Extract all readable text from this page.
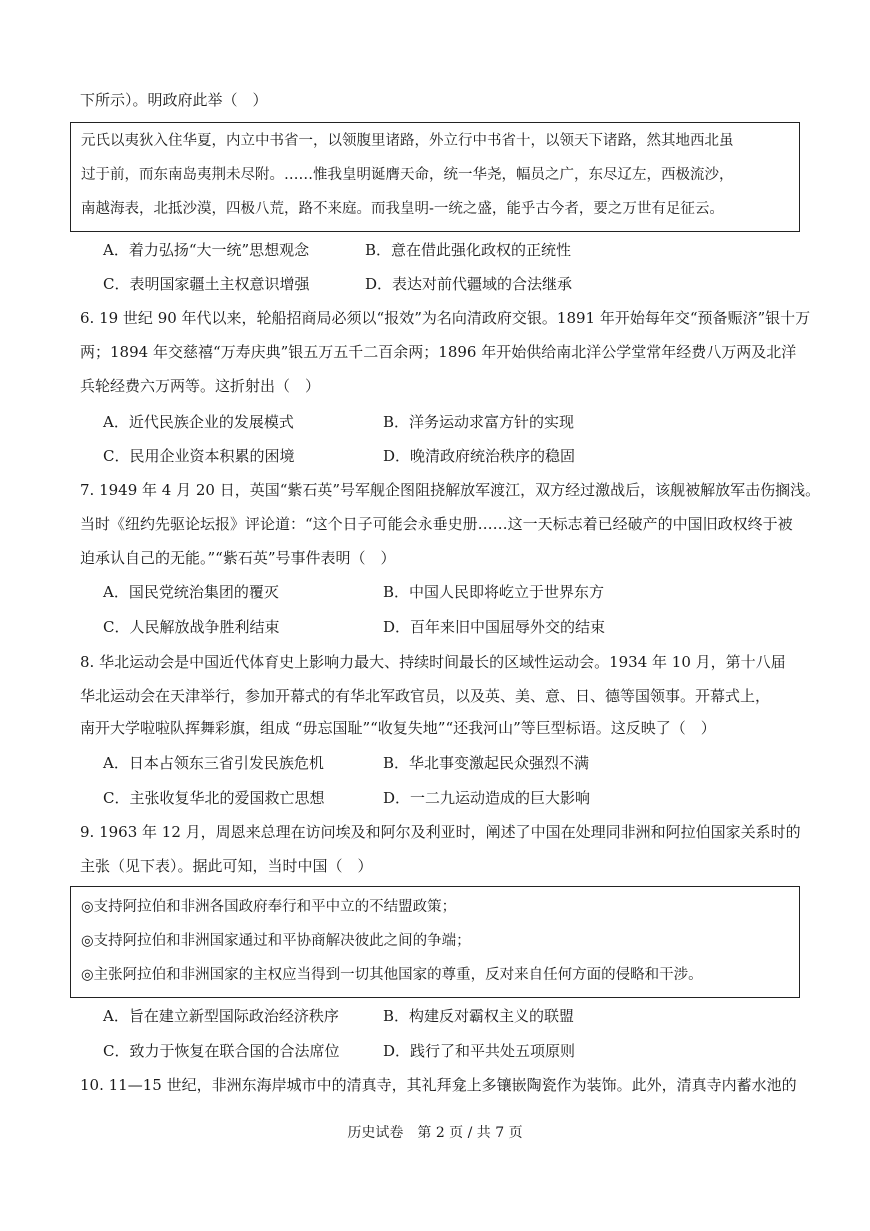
下所示）。明政府此举（　）
元氏以夷狄入住华夏，内立中书省一，以领腹里诸路，外立行中书省十，以领天下诸路，然其地西北虽
过于前，而东南岛夷荆未尽附。……惟我皇明诞膺天命，统一华尧，幅员之广，东尽辽左，西极流沙，
南越海表，北抵沙漠，四极八荒，路不来庭。而我皇明-一统之盛，能乎古今者，要之万世有足征云。
A．着力弘扬“大一统”思想观念	B．意在借此强化政权的正统性
C．表明国家疆土主权意识增强	D．表达对前代疆域的合法继承
6. 19 世纪 90 年代以来，轮船招商局必须以“报效”为名向清政府交银。1891 年开始每年交“预备赈济”银十万
两；1894 年交慈禧“万寿庆典”银五万五千二百余两；1896 年开始供给南北洋公学堂常年经费八万两及北洋
兵轮经费六万两等。这折射出（　）
A．近代民族企业的发展模式	B．洋务运动求富方针的实现
C．民用企业资本积累的困境	D．晚清政府统治秩序的稳固
7. 1949 年 4 月 20 日，英国“紫石英”号军舰企图阻挠解放军渡江，双方经过激战后，该舰被解放军击伤搁浅。
当时《纽约先驱论坛报》评论道：“这个日子可能会永垂史册……这一天标志着已经破产的中国旧政权终于被
迫承认自己的无能。”“紫石英”号事件表明（　）
A．国民党统治集团的覆灭	B．中国人民即将屹立于世界东方
C．人民解放战争胜利结束	D．百年来旧中国屈辱外交的结束
8. 华北运动会是中国近代体育史上影响力最大、持续时间最长的区域性运动会。1934 年 10 月，第十八届
华北运动会在天津举行，参加开幕式的有华北军政官员，以及英、美、意、日、德等国领事。开幕式上，
南开大学啦啦队挥舞彩旗，组成 “毋忘国耻”“收复失地”“还我河山”等巨型标语。这反映了（　）
A．日本占领东三省引发民族危机	B．华北事变激起民众强烈不满
C．主张收复华北的爱国救亡思想	D．一二九运动造成的巨大影响
9. 1963 年 12 月，周恩来总理在访问埃及和阿尔及利亚时，阐述了中国在处理同非洲和阿拉伯国家关系时的
主张（见下表）。据此可知，当时中国（　）
◎支持阿拉伯和非洲各国政府奉行和平中立的不结盟政策；
◎支持阿拉伯和非洲国家通过和平协商解决彼此之间的争端；
◎主张阿拉伯和非洲国家的主权应当得到一切其他国家的尊重，反对来自任何方面的侵略和干涉。
A．旨在建立新型国际政治经济秩序	B．构建反对霸权主义的联盟
C．致力于恢复在联合国的合法席位	D．践行了和平共处五项原则
10. 11—15 世纪，非洲东海岸城市中的清真寺，其礼拜龛上多镶嵌陶瓷作为装饰。此外，清真寺内蓄水池的
历史试卷　第 2 页 / 共 7 页
